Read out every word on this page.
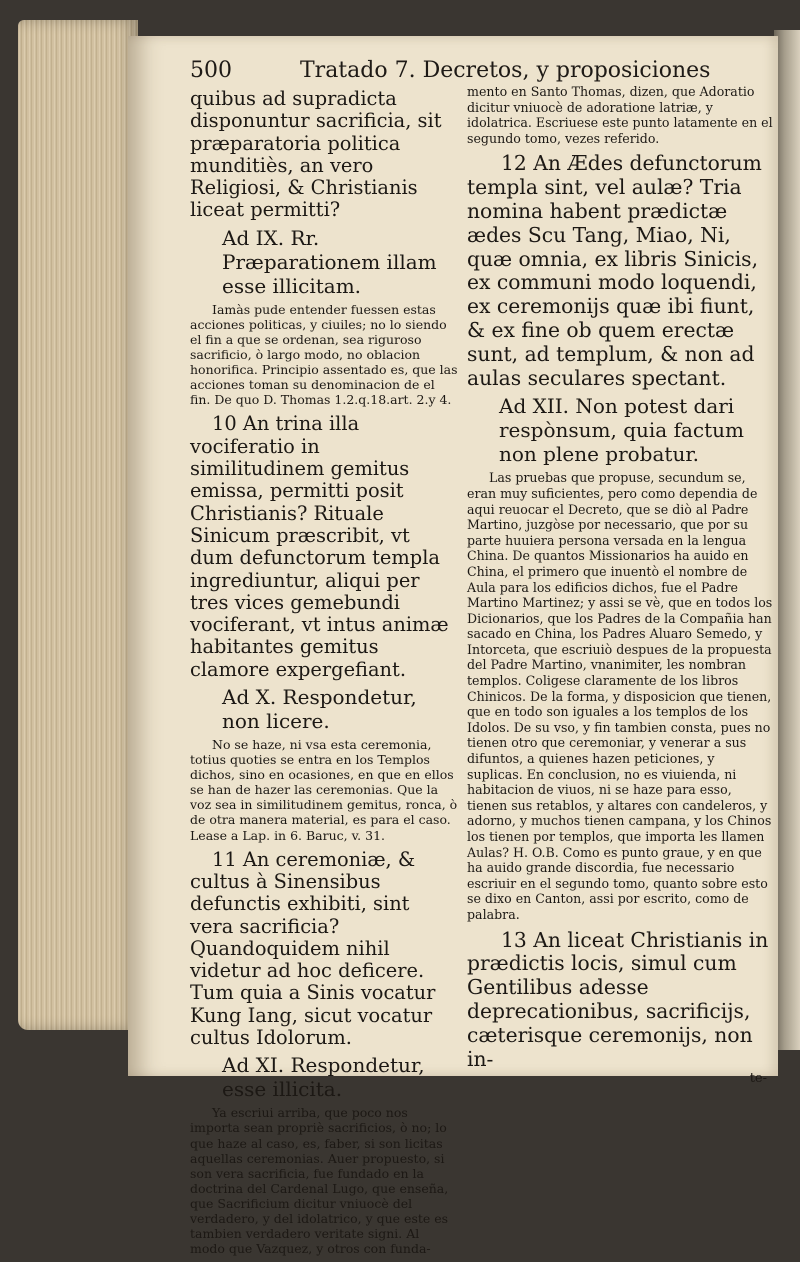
500	Tratado 7. Decretos, y proposiciones

quibus ad supradicta disponuntur sacrificia, sit præparatoria politica munditiès, an vero Religiosi, & Christianis liceat permitti?

Ad IX. Rr. Præparationem illam esse illicitam.

Iamàs pude entender fuessen estas acciones politicas, y ciuiles; no lo siendo el fin a que se ordenan, sea riguroso sacrificio, ò largo modo, no oblacion honorifica. Principio assentado es, que las acciones toman su denominacion de el fin. De quo D. Thomas 1.2.q.18.art. 2.y 4.

10 An trina illa vociferatio in similitudinem gemitus emissa, permitti posit Christianis? Rituale Sinicum præscribit, vt dum defunctorum templa ingrediuntur, aliqui per tres vices gemebundi vociferant, vt intus animæ habitantes gemitus clamore expergefiant.

Ad X. Respondetur, non licere.

No se haze, ni vsa esta ceremonia, totius quoties se entra en los Templos dichos, sino en ocasiones, en que en ellos se han de hazer las ceremonias. Que la voz sea in similitudinem gemitus, ronca, ò de otra manera material, es para el caso. Lease a Lap. in 6. Baruc, v. 31.

11 An ceremoniæ, & cultus à Sinensibus defunctis exhibiti, sint vera sacrificia? Quandoquidem nihil videtur ad hoc deficere. Tum quia a Sinis vocatur Kung Iang, sicut vocatur cultus Idolorum.

Ad XI. Respondetur, esse illicita.

Ya escriui arriba, que poco nos importa sean propriè sacrificios, ò no; lo que haze al caso, es, faber, si son licitas aquellas ceremonias. Auer propuesto, si son vera sacrificia, fue fundado en la doctrina del Cardenal Lugo, que enseña, que Sacrificium dicitur vniuocè del verdadero, y del idolatrico, y que este es tambien verdadero veritate signi. Al modo que Vazquez, y otros con funda-

mento en Santo Thomas, dizen, que Adoratio dicitur vniuocè de adoratione latriæ, y idolatrica. Escriuese este punto latamente en el segundo tomo, vezes referido.

12 An Ædes defunctorum templa sint, vel aulæ? Tria nomina habent prædictæ ædes Scu Tang, Miao, Ni, quæ omnia, ex libris Sinicis, ex communi modo loquendi, ex ceremonijs quæ ibi fiunt, & ex fine ob quem erectæ sunt, ad templum, & non ad aulas seculares spectant.

Ad XII. Non potest dari respònsum, quia factum non plene probatur.

Las pruebas que propuse, secundum se, eran muy suficientes, pero como dependia de aqui reuocar el Decreto, que se diò al Padre Martino, juzgòse por necessario, que por su parte huuiera persona versada en la lengua China. De quantos Missionarios ha auido en China, el primero que inuentò el nombre de Aula para los edificios dichos, fue el Padre Martino Martinez; y assi se vè, que en todos los Dicionarios, que los Padres de la Compañia han sacado en China, los Padres Aluaro Semedo, y Intorceta, que escriuiò despues de la propuesta del Padre Martino, vnanimiter, les nombran templos. Coligese claramente de los libros Chinicos. De la forma, y disposicion que tienen, que en todo son iguales a los templos de los Idolos. De su vso, y fin tambien consta, pues no tienen otro que ceremoniar, y venerar a sus difuntos, a quienes hazen peticiones, y suplicas. En conclusion, no es viuienda, ni habitacion de viuos, ni se haze para esso, tienen sus retablos, y altares con candeleros, y adorno, y muchos tienen campana, y los Chinos los tienen por templos, que importa les llamen Aulas? H. O.B. Como es punto graue, y en que ha auido grande discordia, fue necessario escriuir en el segundo tomo, quanto sobre esto se dixo en Canton, assi por escrito, como de palabra.

13 An liceat Christianis in prædictis locis, simul cum Gentilibus adesse deprecationibus, sacrificijs, cæterisque ceremonijs, non in-

te-
